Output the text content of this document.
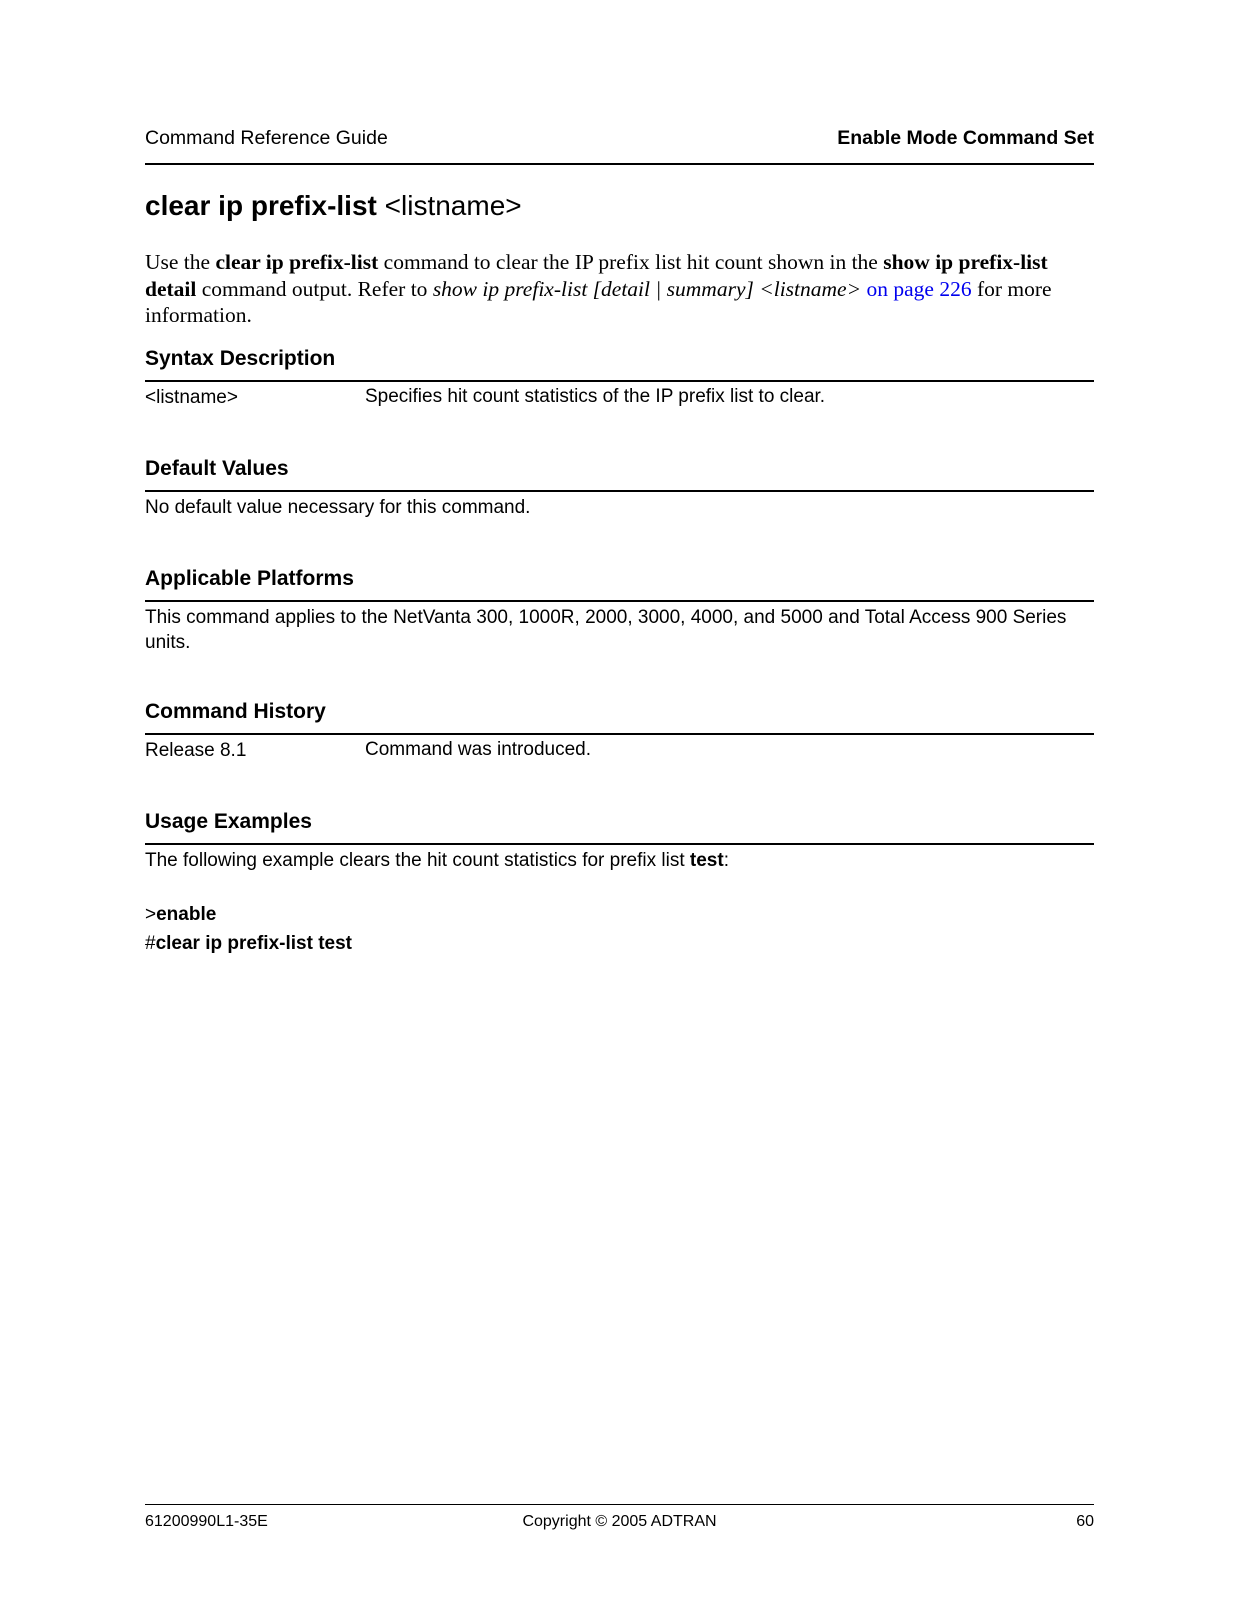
Command Reference Guide	Enable Mode Command Set
clear ip prefix-list <listname>
Use the clear ip prefix-list command to clear the IP prefix list hit count shown in the show ip prefix-list detail command output. Refer to show ip prefix-list [detail | summary] <listname> on page 226 for more information.
Syntax Description
<listname>	Specifies hit count statistics of the IP prefix list to clear.
Default Values
No default value necessary for this command.
Applicable Platforms
This command applies to the NetVanta 300, 1000R, 2000, 3000, 4000, and 5000 and Total Access 900 Series units.
Command History
Release 8.1	Command was introduced.
Usage Examples
The following example clears the hit count statistics for prefix list test:
>enable
#clear ip prefix-list test
61200990L1-35E	Copyright © 2005 ADTRAN	60
